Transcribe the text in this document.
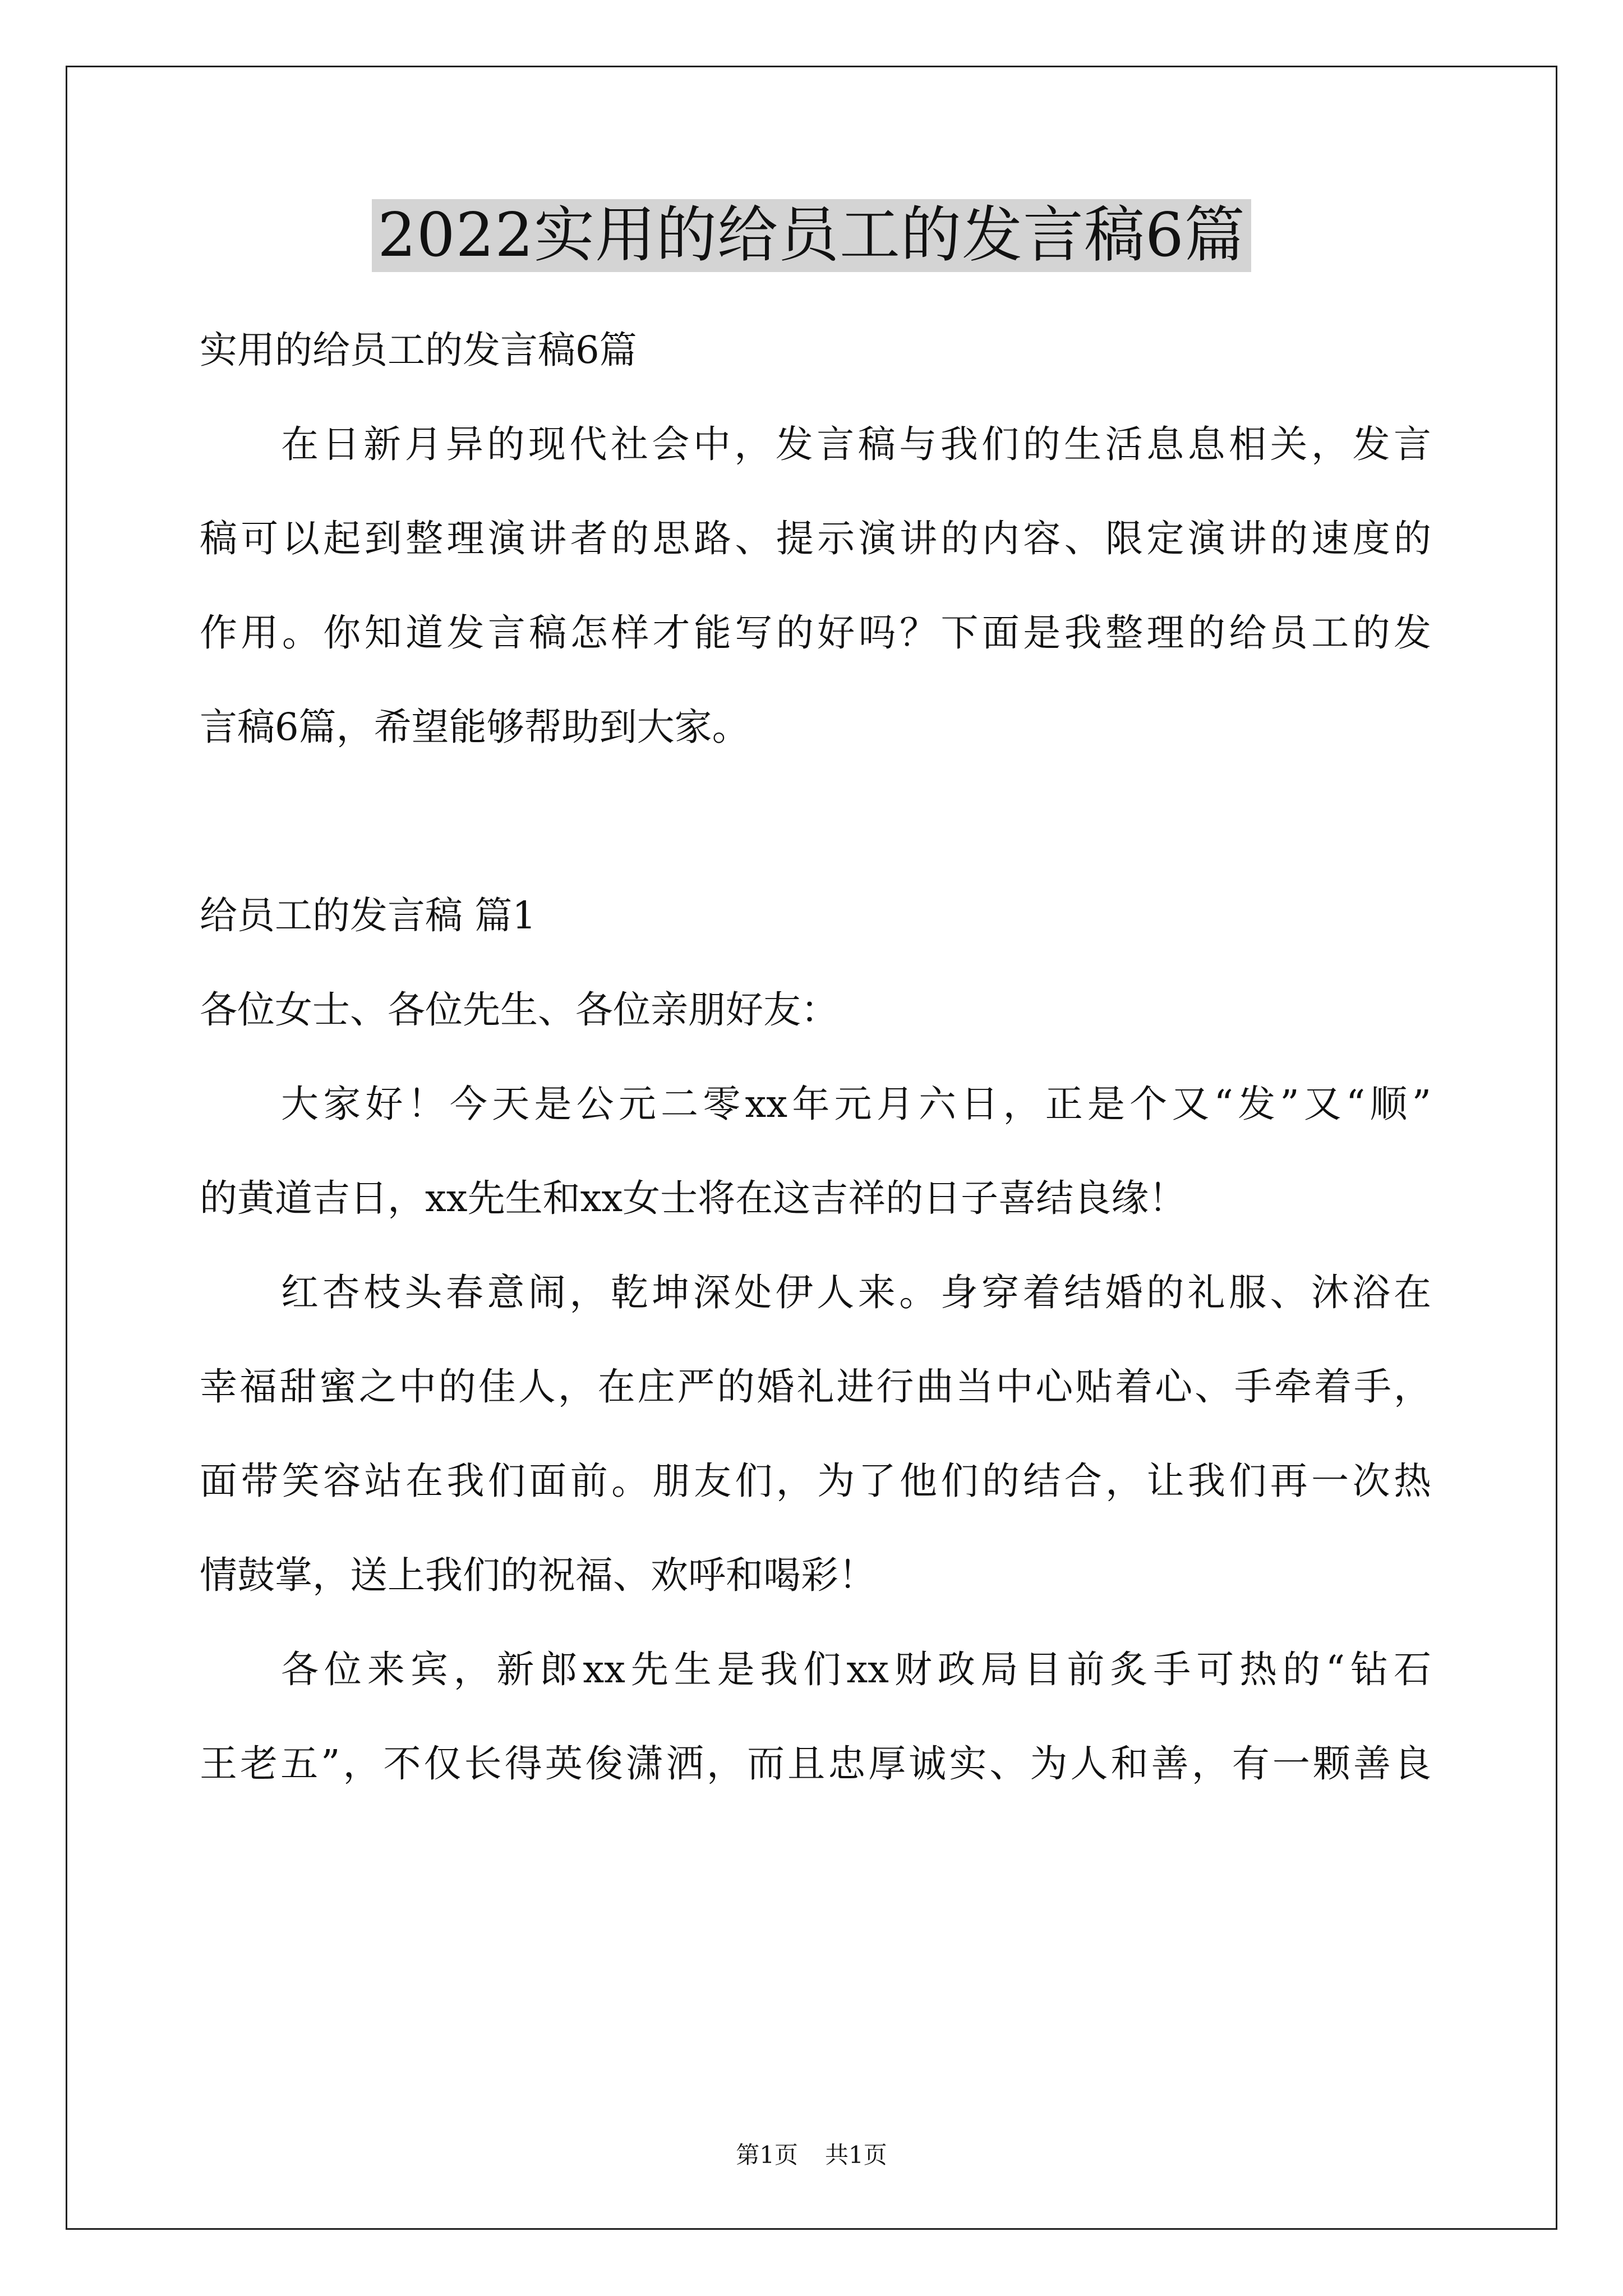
2022实用的给员工的发言稿6篇
实用的给员工的发言稿6篇
在日新月异的现代社会中，发言稿与我们的生活息息相关，发言
稿可以起到整理演讲者的思路、提示演讲的内容、限定演讲的速度的
作用。你知道发言稿怎样才能写的好吗？下面是我整理的给员工的发
言稿6篇，希望能够帮助到大家。
给员工的发言稿 篇1
各位女士、各位先生、各位亲朋好友：
大家好！今天是公元二零xx年元月六日，正是个又“发”又“顺”
的黄道吉日，xx先生和xx女士将在这吉祥的日子喜结良缘！
红杏枝头春意闹，乾坤深处伊人来。身穿着结婚的礼服、沐浴在
幸福甜蜜之中的佳人，在庄严的婚礼进行曲当中心贴着心、手牵着手，
面带笑容站在我们面前。朋友们，为了他们的结合，让我们再一次热
情鼓掌，送上我们的祝福、欢呼和喝彩！
各位来宾，新郎xx先生是我们xx财政局目前炙手可热的“钻石
王老五”，不仅长得英俊潇洒，而且忠厚诚实、为人和善，有一颗善良
第1页 共1页
